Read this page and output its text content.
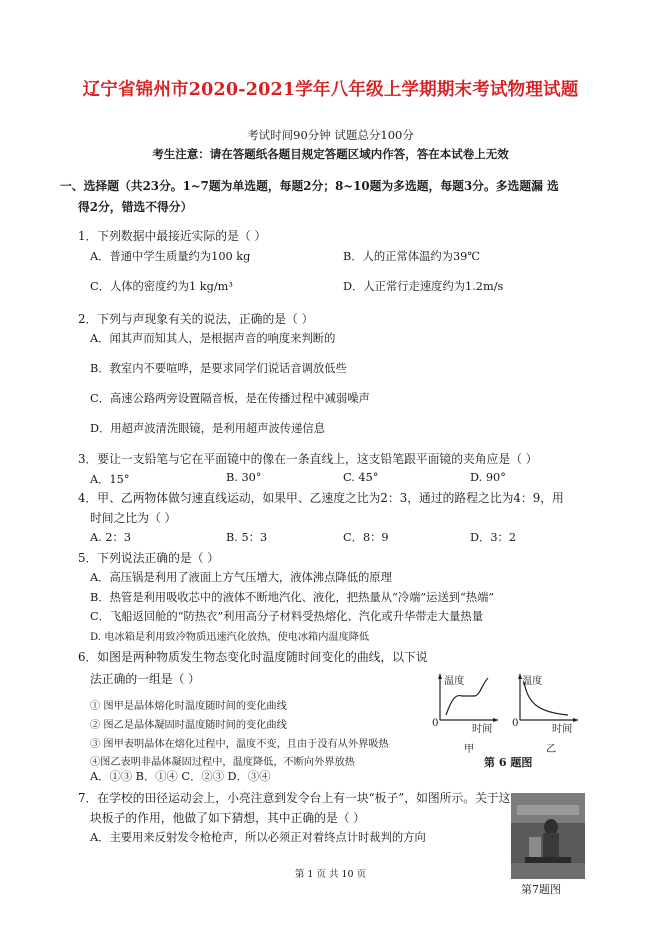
辽宁省锦州市2020-2021学年八年级上学期期末考试物理试题
考试时间90分钟 试题总分100分
考生注意：请在答题纸各题目规定答题区域内作答，答在本试卷上无效
一、选择题（共23分。1~7题为单选题，每题2分；8~10题为多选题，每题3分。多选题漏 选
得2分，错选不得分）
1．下列数据中最接近实际的是（ ）
A．普通中学生质量约为100 kg	B．人的正常体温约为39℃
C．人体的密度约为1 kg/m³	D．人正常行走速度约为1.2m/s
2．下列与声现象有关的说法，正确的是（ ）
A．闻其声而知其人，是根据声音的响度来判断的
B．教室内不要喧哗，是要求同学们说话音调放低些
C．高速公路两旁设置隔音板，是在传播过程中减弱噪声
D．用超声波清洗眼镜，是利用超声波传递信息
3．要让一支铅笔与它在平面镜中的像在一条直线上，这支铅笔跟平面镜的夹角应是（ ）
A．15°	B. 30°	C. 45°	D. 90°
4．甲、乙两物体做匀速直线运动，如果甲、乙速度之比为2：3，通过的路程之比为4：9，用
时间之比为（ ）
A. 2：3	B. 5：3	C．8：9	D．3：2
5．下列说法正确的是（ ）
A．高压锅是利用了液面上方气压增大，液体沸点降低的原理
B．热管是利用吸收芯中的液体不断地汽化、液化，把热量从“冷端”运送到“热端”
C．飞船返回舱的“防热衣”利用高分子材料受热熔化、汽化或升华带走大量热量
D. 电冰箱是利用致冷物质迅速汽化放热，使电冰箱内温度降低
6．如图是两种物质发生物态变化时温度随时间变化的曲线，以下说
法正确的一组是（ ）
① 图甲是晶体熔化时温度随时间的变化曲线
② 图乙是晶体凝固时温度随时间的变化曲线
③ 图甲表明晶体在熔化过程中，温度不变，且由于没有从外界吸热
④图乙表明非晶体凝固过程中，温度降低，不断向外界放热
A．①③ B．①④ C．②③ D．③④
温度
0
时间
甲
温度
0
时间
乙
第 6 题图
7．在学校的田径运动会上，小亮注意到发令台上有一块“板子”，如图所示。关于这
块板子的作用，他做了如下猜想，其中正确的是（ ）
A．主要用来反射发令枪枪声，所以必须正对着终点计时裁判的方向
第7题图
第 1 页 共 10 页
